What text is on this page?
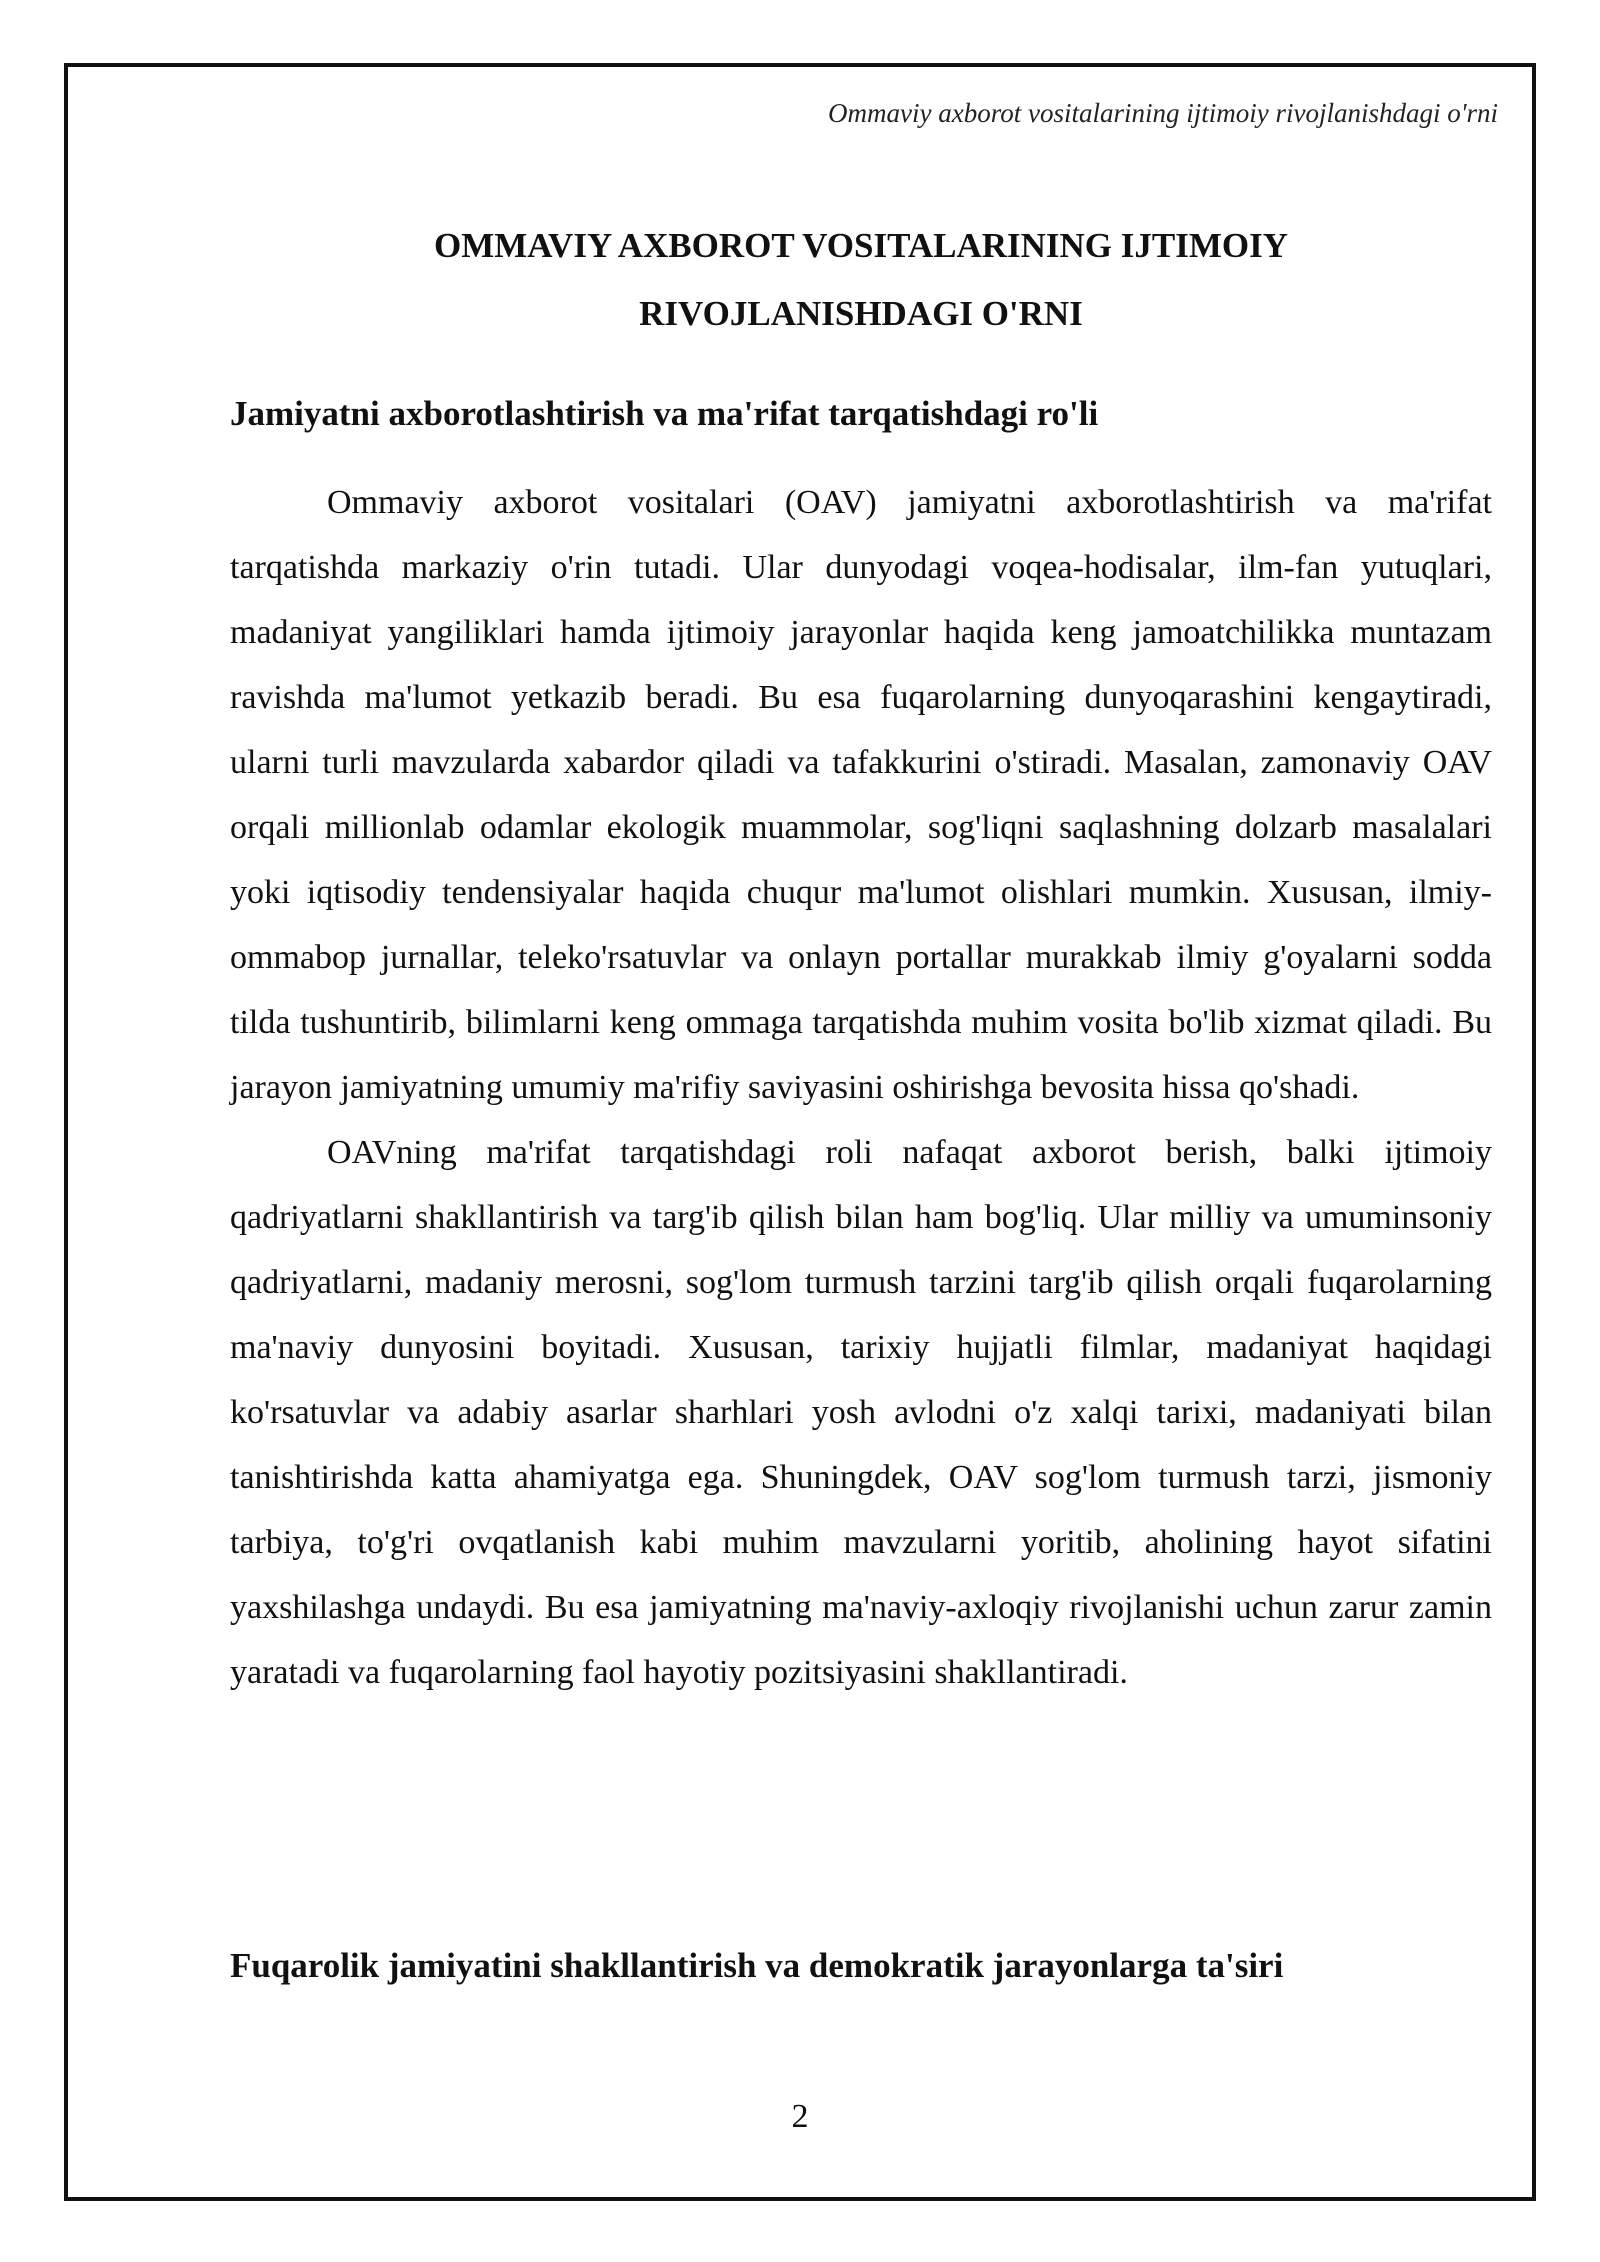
Ommaviy axborot vositalarining ijtimoiy rivojlanishdagi o'rni
OMMAVIY AXBOROT VOSITALARINING IJTIMOIY
RIVOJLANISHDAGI O'RNI
Jamiyatni axborotlashtirish va ma'rifat tarqatishdagi ro'li

Ommaviy axborot vositalari (OAV) jamiyatni axborotlashtirish va ma'rifat tarqatishda markaziy o'rin tutadi. Ular dunyodagi voqea-hodisalar, ilm-fan yutuqlari, madaniyat yangiliklari hamda ijtimoiy jarayonlar haqida keng jamoatchilikka muntazam ravishda ma'lumot yetkazib beradi. Bu esa fuqarolarning dunyoqarashini kengaytiradi, ularni turli mavzularda xabardor qiladi va tafakkurini o'stiradi. Masalan, zamonaviy OAV orqali millionlab odamlar ekologik muammolar, sog'liqni saqlashning dolzarb masalalari yoki iqtisodiy tendensiyalar haqida chuqur ma'lumot olishlari mumkin. Xususan, ilmiy-ommabop jurnallar, teleko'rsatuvlar va onlayn portallar murakkab ilmiy g'oyalarni sodda tilda tushuntirib, bilimlarni keng ommaga tarqatishda muhim vosita bo'lib xizmat qiladi. Bu jarayon jamiyatning umumiy ma'rifiy saviyasini oshirishga bevosita hissa qo'shadi.

OAVning ma'rifat tarqatishdagi roli nafaqat axborot berish, balki ijtimoiy qadriyatlarni shakllantirish va targ'ib qilish bilan ham bog'liq. Ular milliy va umuminsoniy qadriyatlarni, madaniy merosni, sog'lom turmush tarzini targ'ib qilish orqali fuqarolarning ma'naviy dunyosini boyitadi. Xususan, tarixiy hujjatli filmlar, madaniyat haqidagi ko'rsatuvlar va adabiy asarlar sharhlari yosh avlodni o'z xalqi tarixi, madaniyati bilan tanishtirishda katta ahamiyatga ega. Shuningdek, OAV sog'lom turmush tarzi, jismoniy tarbiya, to'g'ri ovqatlanish kabi muhim mavzularni yoritib, aholining hayot sifatini yaxshilashga undaydi. Bu esa jamiyatning ma'naviy-axloqiy rivojlanishi uchun zarur zamin yaratadi va fuqarolarning faol hayotiy pozitsiyasini shakllantiradi.

Fuqarolik jamiyatini shakllantirish va demokratik jarayonlarga ta'siri
2
